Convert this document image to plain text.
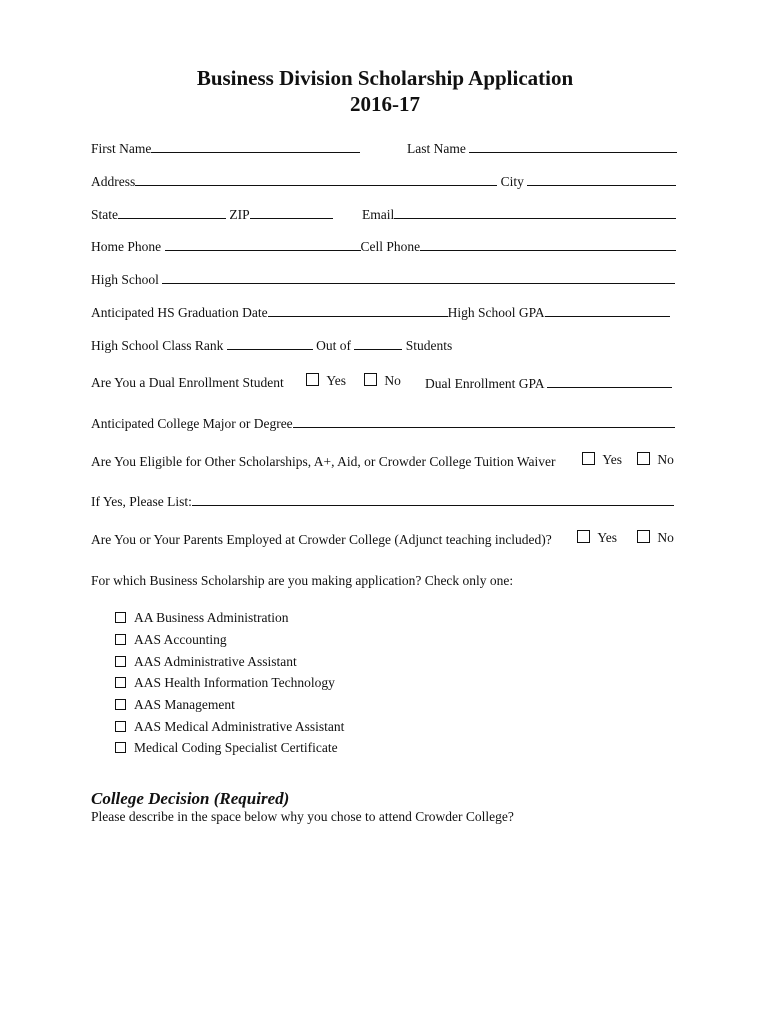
Business Division Scholarship Application
2016-17
First Name	Last Name
Address	City
State	ZIP	Email
Home Phone	Cell Phone
High School
Anticipated HS Graduation Date	High School GPA
High School Class Rank	Out of	Students
Are You a Dual Enrollment Student	Yes	No Dual Enrollment GPA
Anticipated College Major or Degree
Are You Eligible for Other Scholarships, A+, Aid, or Crowder College Tuition Waiver	Yes	No
If Yes, Please List:
Are You or Your Parents Employed at Crowder College (Adjunct teaching included)?	Yes	No
For which Business Scholarship are you making application? Check only one:
AA Business Administration
AAS Accounting
AAS Administrative Assistant
AAS Health Information Technology
AAS Management
AAS Medical Administrative Assistant
Medical Coding Specialist Certificate
College Decision (Required)
Please describe in the space below why you chose to attend Crowder College?
